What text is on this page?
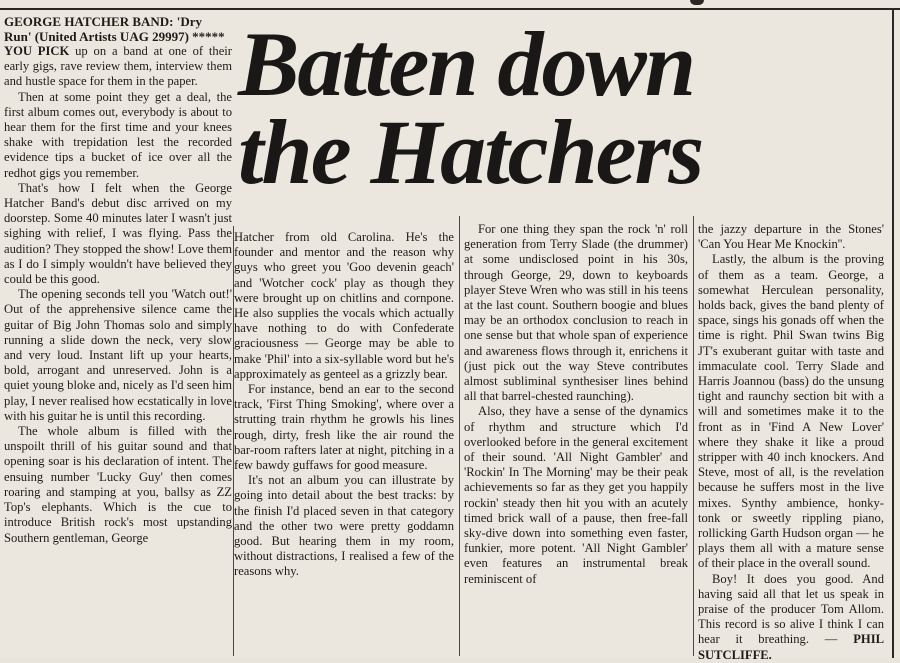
Batten down
the Hatchers
GEORGE HATCHER BAND: 'Dry Run' (United Artists UAG 29997) *****

YOU PICK up on a band at one of their early gigs, rave review them, interview them and hustle space for them in the paper.

Then at some point they get a deal, the first album comes out, everybody is about to hear them for the first time and your knees shake with trepidation lest the recorded evidence tips a bucket of ice over all the redhot gigs you remember.

That's how I felt when the George Hatcher Band's debut disc arrived on my doorstep. Some 40 minutes later I wasn't just sighing with relief, I was flying. Pass the audition? They stopped the show! Love them as I do I simply wouldn't have believed they could be this good.

The opening seconds tell you 'Watch out!' Out of the apprehensive silence came the guitar of Big John Thomas solo and simply running a slide down the neck, very slow and very loud. Instant lift up your hearts, bold, arrogant and unreserved. John is a quiet young bloke and, nicely as I'd seen him play, I never realised how ecstatically in love with his guitar he is until this recording.

The whole album is filled with the unspoilt thrill of his guitar sound and that opening soar is his declaration of intent. The ensuing number 'Lucky Guy' then comes roaring and stamping at you, ballsy as ZZ Top's elephants. Which is the cue to introduce British rock's most upstanding Southern gentleman, George

Hatcher from old Carolina. He's the founder and mentor and the reason why guys who greet you 'Goo devenin geach' and 'Wotcher cock' play as though they were brought up on chitlins and cornpone. He also supplies the vocals which actually have nothing to do with Confederate graciousness — George may be able to make 'Phil' into a six-syllable word but he's approximately as genteel as a grizzly bear.

For instance, bend an ear to the second track, 'First Thing Smoking', where over a strutting train rhythm he growls his lines rough, dirty, fresh like the air round the bar-room rafters later at night, pitching in a few bawdy guffaws for good measure.

It's not an album you can illustrate by going into detail about the best tracks: by the finish I'd placed seven in that category and the other two were pretty goddamn good. But hearing them in my room, without distractions, I realised a few of the reasons why.

For one thing they span the rock 'n' roll generation from Terry Slade (the drummer) at some undisclosed point in his 30s, through George, 29, down to keyboards player Steve Wren who was still in his teens at the last count. Southern boogie and blues may be an orthodox conclusion to reach in one sense but that whole span of experience and awareness flows through it, enrichens it (just pick out the way Steve contributes almost subliminal synthesiser lines behind all that barrel-chested raunching).

Also, they have a sense of the dynamics of rhythm and structure which I'd overlooked before in the general excitement of their sound. 'All Night Gambler' and 'Rockin' In The Morning' may be their peak achievements so far as they get you happily rockin' steady then hit you with an acutely timed brick wall of a pause, then free-fall sky-dive down into something even faster, funkier, more potent. 'All Night Gambler' even features an instrumental break reminiscent of

the jazzy departure in the Stones' 'Can You Hear Me Knockin''.

Lastly, the album is the proving of them as a team. George, a somewhat Herculean personality, holds back, gives the band plenty of space, sings his gonads off when the time is right. Phil Swan twins Big JT's exuberant guitar with taste and immaculate cool. Terry Slade and Harris Joannou (bass) do the unsung tight and raunchy section bit with a will and sometimes make it to the front as in 'Find A New Lover' where they shake it like a proud stripper with 40 inch knockers. And Steve, most of all, is the revelation because he suffers most in the live mixes. Synthy ambience, honky-tonk or sweetly rippling piano, rollicking Garth Hudson organ — he plays them all with a mature sense of their place in the overall sound.

Boy! It does you good. And having said all that let us speak in praise of the producer Tom Allom. This record is so alive I think I can hear it breathing. — PHIL SUTCLIFFE.
